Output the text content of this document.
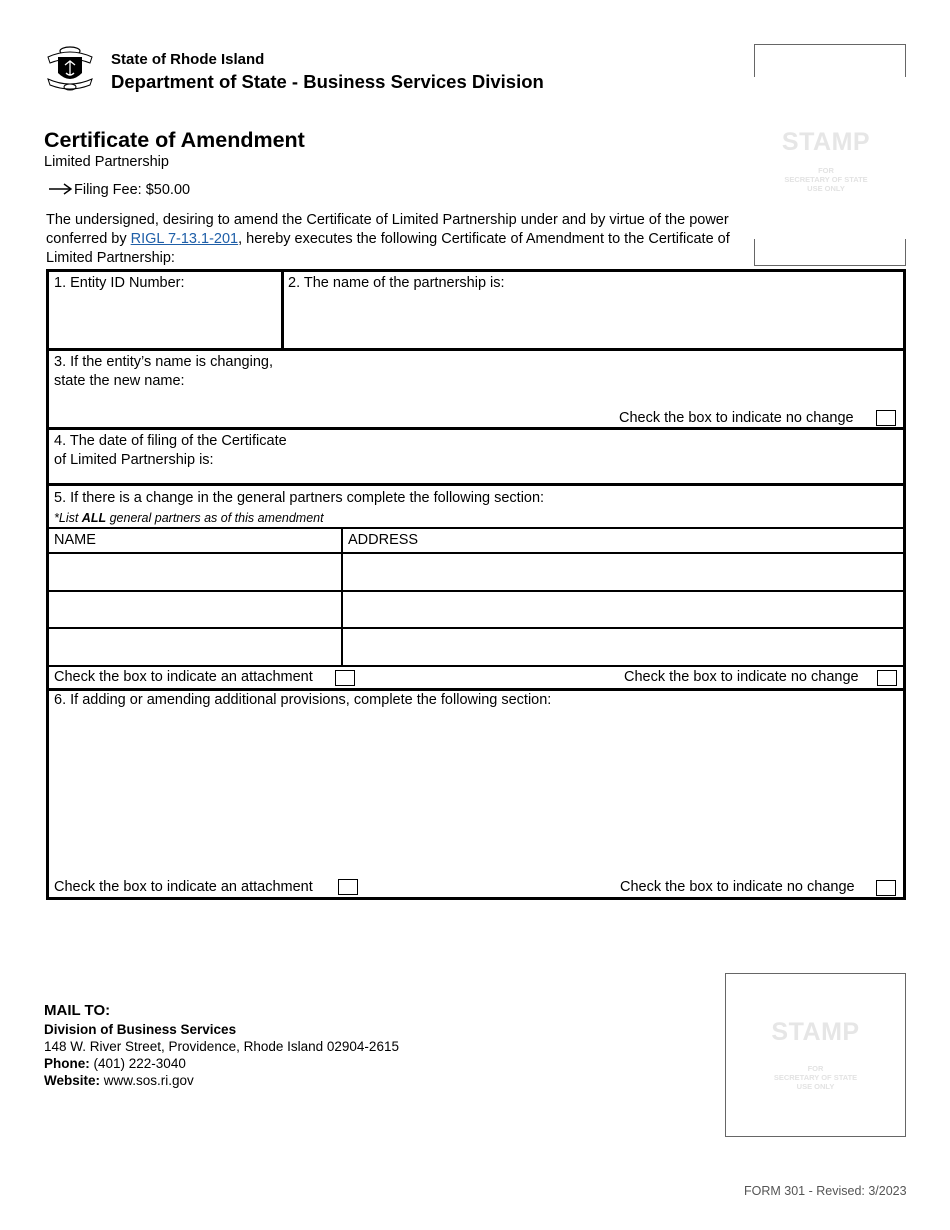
State of Rhode Island
Department of State - Business Services Division
Certificate of Amendment
Limited Partnership
Filing Fee: $50.00
The undersigned, desiring to amend the Certificate of Limited Partnership under and by virtue of the power conferred by RIGL 7-13.1-201, hereby executes the following Certificate of Amendment to the Certificate of Limited Partnership:
STAMP
FOR
SECRETARY OF STATE
USE ONLY
1. Entity ID Number:	2. The name of the partnership is:
3. If the entity’s name is changing,
state the new name:
Check the box to indicate no change
4. The date of filing of the Certificate
of Limited Partnership is:
5. If there is a change in the general partners complete the following section:
*List ALL general partners as of this amendment
NAME	ADDRESS
Check the box to indicate an attachment	Check the box to indicate no change
6. If adding or amending additional provisions, complete the following section:
Check the box to indicate an attachment	Check the box to indicate no change
MAIL TO:
Division of Business Services
148 W. River Street, Providence, Rhode Island 02904-2615
Phone: (401) 222-3040
Website: www.sos.ri.gov
STAMP
FOR
SECRETARY OF STATE
USE ONLY
FORM 301 - Revised: 3/2023
